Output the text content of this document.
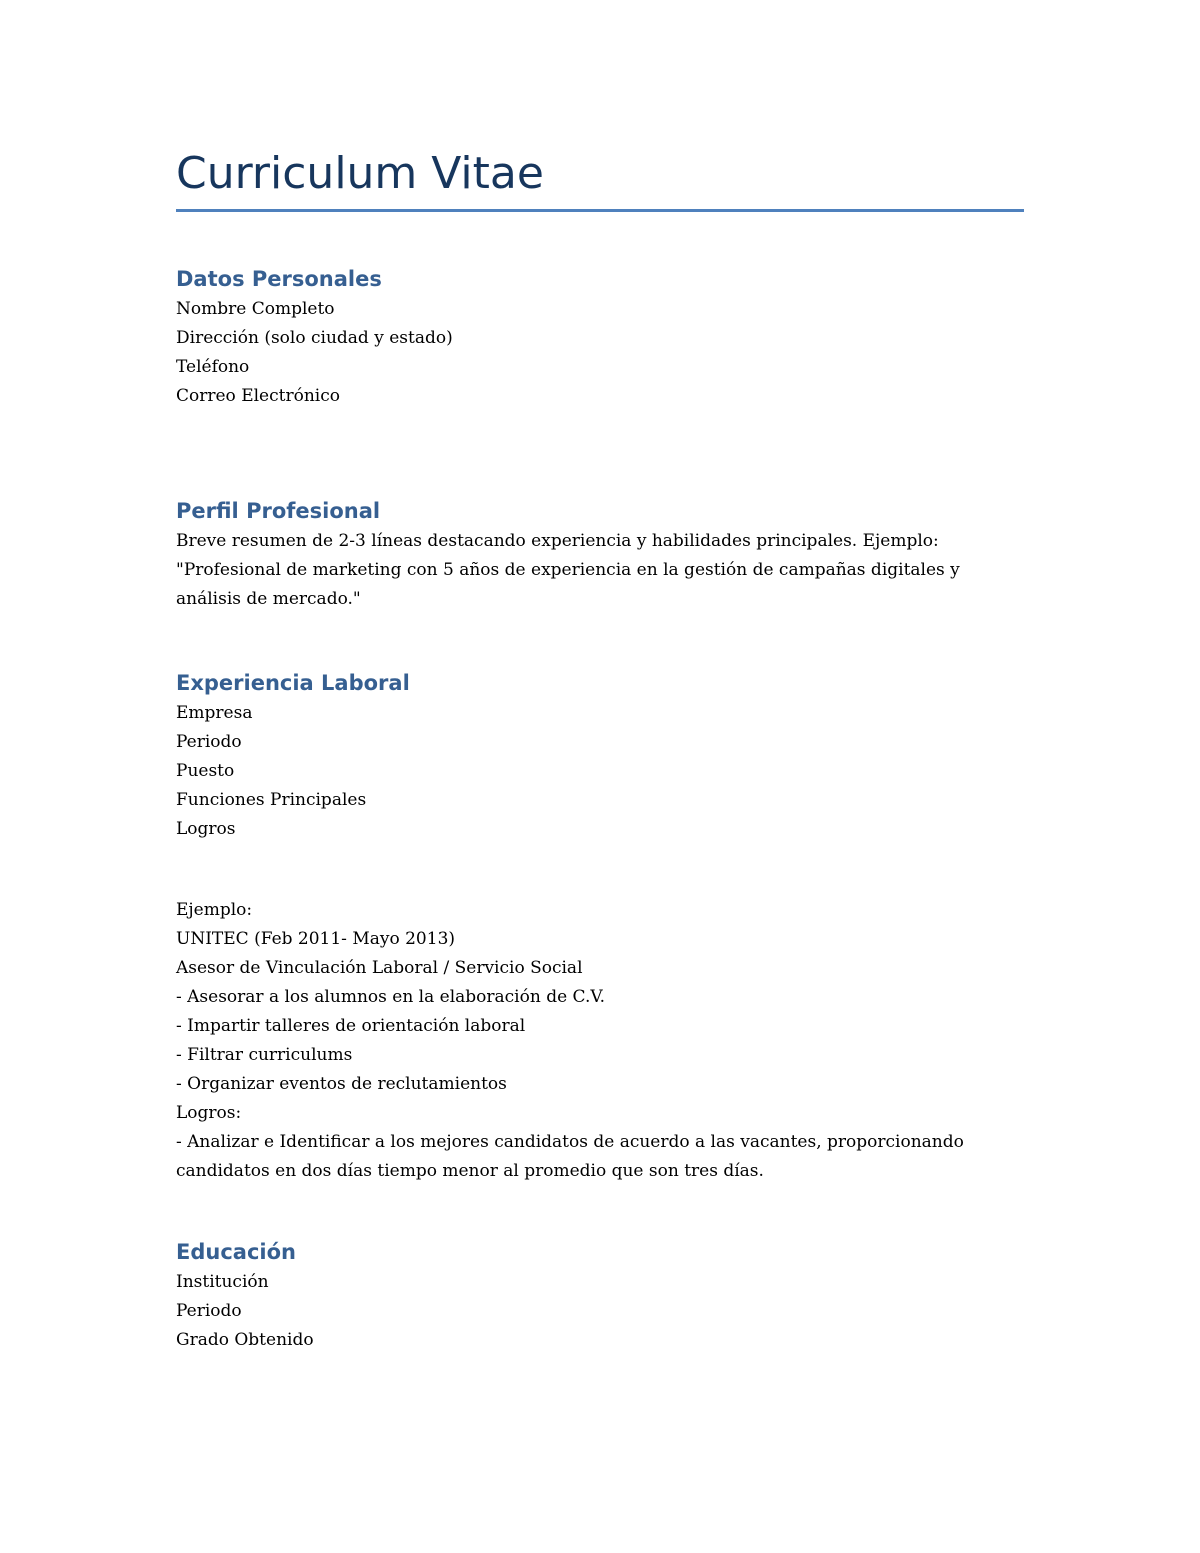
Curriculum Vitae
Datos Personales
Nombre Completo
Dirección (solo ciudad y estado)
Teléfono
Correo Electrónico
Perfil Profesional
Breve resumen de 2-3 líneas destacando experiencia y habilidades principales. Ejemplo: "Profesional de marketing con 5 años de experiencia en la gestión de campañas digitales y análisis de mercado."
Experiencia Laboral
Empresa
Periodo
Puesto
Funciones Principales
Logros
Ejemplo:
UNITEC (Feb 2011- Mayo 2013)
Asesor de Vinculación Laboral / Servicio Social
- Asesorar a los alumnos en la elaboración de C.V.
- Impartir talleres de orientación laboral
- Filtrar curriculums
- Organizar eventos de reclutamientos
Logros:
- Analizar e Identificar a los mejores candidatos de acuerdo a las vacantes, proporcionando candidatos en dos días tiempo menor al promedio que son tres días.
Educación
Institución
Periodo
Grado Obtenido
